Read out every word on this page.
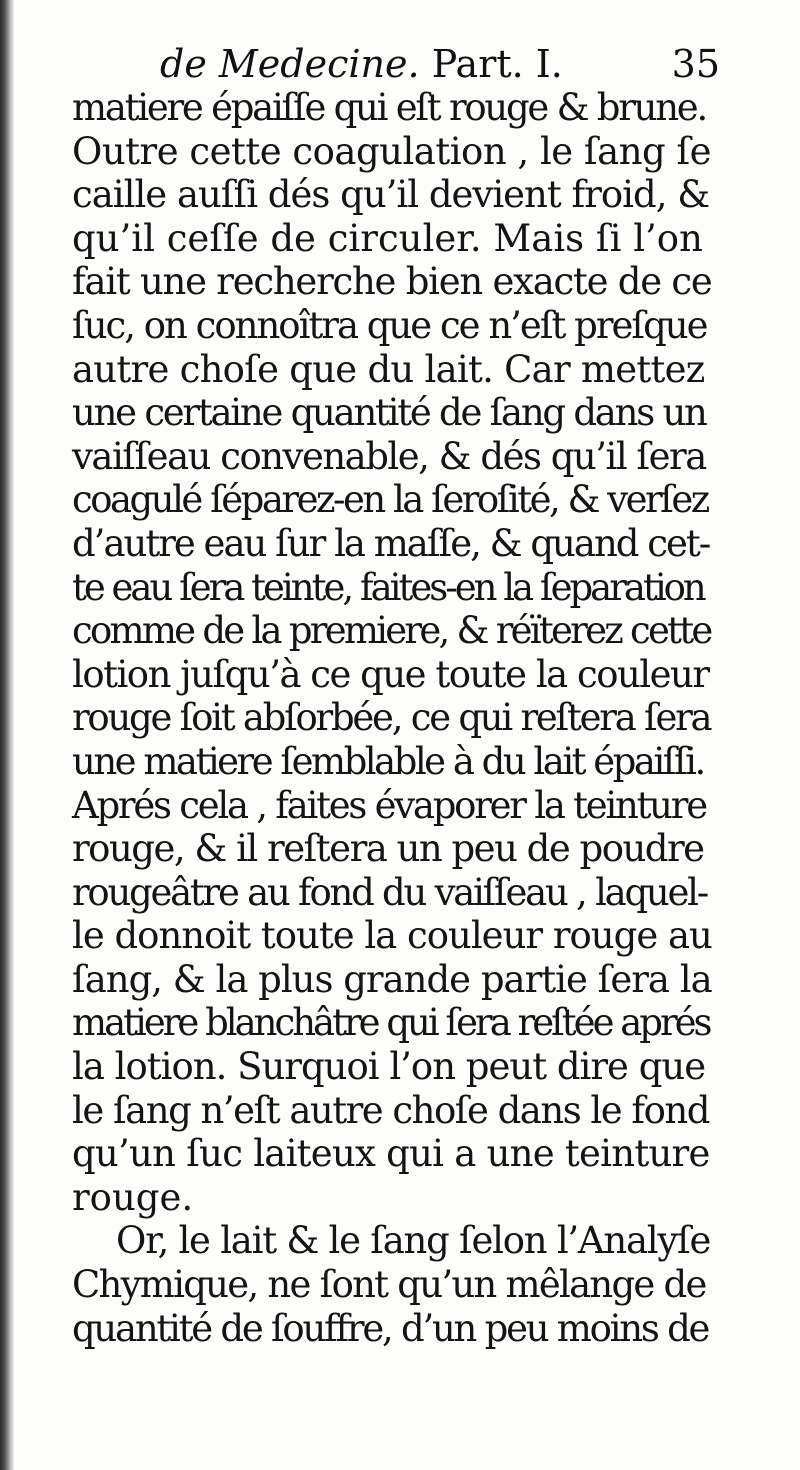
de Medecine. Part. I.	35
matiere épaiſſe qui eſt rouge & brune.
Outre cette coagulation , le ſang ſe
caille auſſi dés qu’il devient froid, &
qu’il ceſſe de circuler. Mais ſi l’on
fait une recherche bien exacte de ce
ſuc, on connoîtra que ce n’eſt preſque
autre choſe que du lait. Car mettez
une certaine quantité de ſang dans un
vaiſſeau convenable, & dés qu’il ſera
coagulé ſéparez-en la ſeroſité, & verſez
d’autre eau ſur la maſſe, & quand cet-
te eau ſera teinte, faites-en la ſeparation
comme de la premiere, & réïterez cette
lotion juſqu’à ce que toute la couleur
rouge ſoit abſorbée, ce qui reſtera ſera
une matiere ſemblable à du lait épaiſſi.
Aprés cela , faites évaporer la teinture
rouge, & il reſtera un peu de poudre
rougeâtre au fond du vaiſſeau , laquel-
le donnoit toute la couleur rouge au
ſang, & la plus grande partie ſera la
matiere blanchâtre qui ſera reſtée aprés
la lotion. Surquoi l’on peut dire que
le ſang n’eſt autre choſe dans le fond
qu’un ſuc laiteux qui a une teinture
rouge.
Or, le lait & le ſang ſelon l’Analyſe
Chymique, ne ſont qu’un mêlange de
quantité de ſouffre, d’un peu moins de
